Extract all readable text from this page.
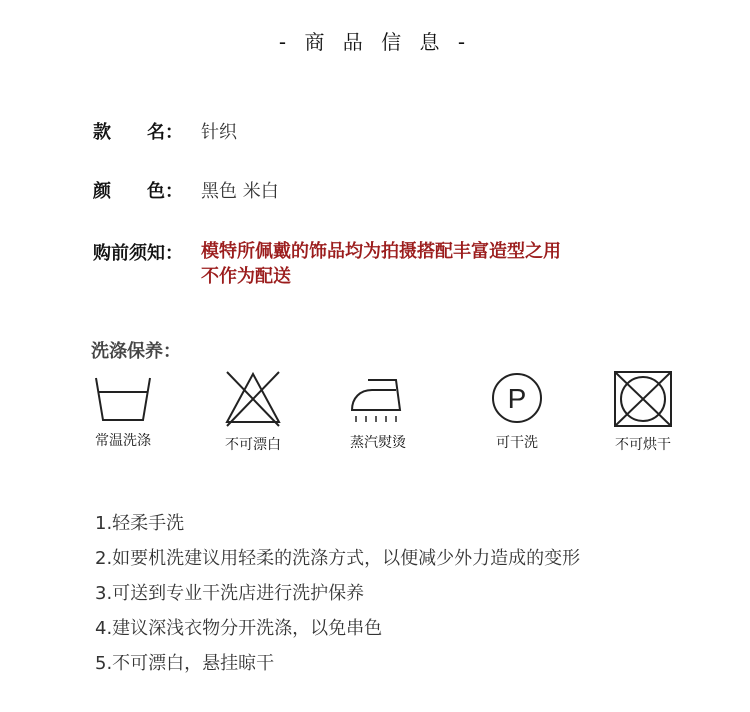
- 商 品 信 息 -
款　　名： 针织
颜　　色： 黑色 米白
购前须知： 模特所佩戴的饰品均为拍摄搭配丰富造型之用
不作为配送
洗涤保养：
常温洗涤	不可漂白	蒸汽熨烫
P
可干洗	不可烘干
1.轻柔手洗
2.如要机洗建议用轻柔的洗涤方式，以便减少外力造成的变形
3.可送到专业干洗店进行洗护保养
4.建议深浅衣物分开洗涤，以免串色
5.不可漂白，悬挂晾干
